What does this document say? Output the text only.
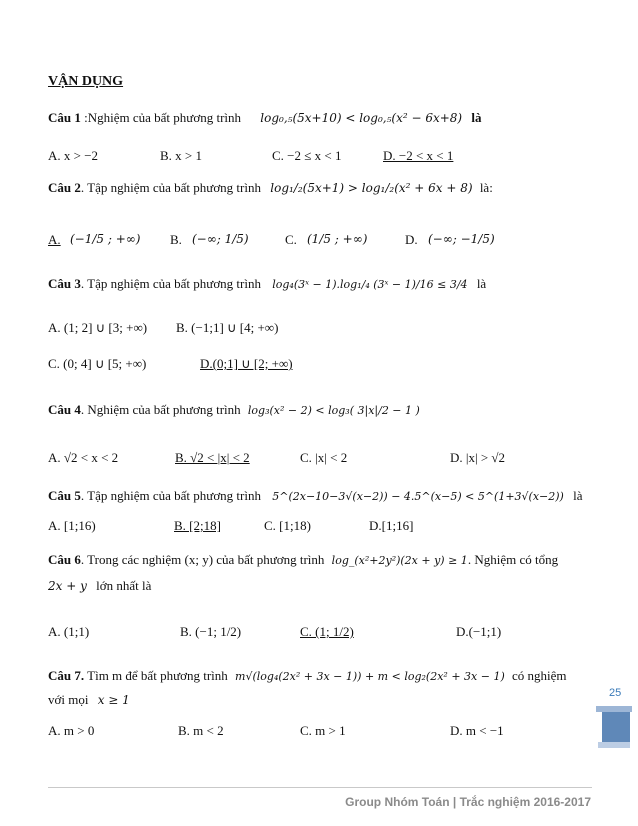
VẬN DỤNG
Câu 1 :Nghiệm của bất phương trình log₀,₅(5x+10) < log₀,₅(x² − 6x+8) là
A. x > −2	B. x > 1	C. −2 ≤ x < 1	D. −2 < x < 1
Câu 2. Tập nghiệm của bất phương trình log₁/₂(5x+1) > log₁/₂(x² + 6x + 8) là:
A. (−1/5 ; +∞) B. (−∞; 1/5)	C. (1/5 ; +∞)	D. (−∞; −1/5)
Câu 3. Tập nghiệm của bất phương trình log₄(3ˣ − 1).log₁/₄ (3ˣ − 1)/16 ≤ 3/4 là
A. (1; 2] ∪ [3; +∞) B. (−1;1] ∪ [4; +∞)
C. (0; 4] ∪ [5; +∞)	D.(0;1] ∪ [2; +∞)
Câu 4. Nghiệm của bất phương trình log₃(x² − 2) < log₃( 3|x|/2 − 1 )
A. √2 < x < 2	B. √2 < |x| < 2	C. |x| < 2	D. |x| > √2
Câu 5. Tập nghiệm của bất phương trình 5^(2x−10−3√(x−2)) − 4.5^(x−5) < 5^(1+3√(x−2)) là
A. [1;16)	B. [2;18]	C. [1;18)	D.[1;16]
Câu 6. Trong các nghiệm (x; y) của bất phương trình log_(x²+2y²)(2x + y) ≥ 1. Nghiệm có tổng
2x + y lớn nhất là
A. (1;1)	B. (−1; 1/2)	C. (1; 1/2)	D.(−1;1)
Câu 7. Tìm m để bất phương trình m√(log₄(2x² + 3x − 1)) + m < log₂(2x² + 3x − 1) có nghiệm
với mọi x ≥ 1
A. m > 0	B. m < 2	C. m > 1	D. m < −1
25
Group Nhóm Toán | Trắc nghiệm 2016-2017
